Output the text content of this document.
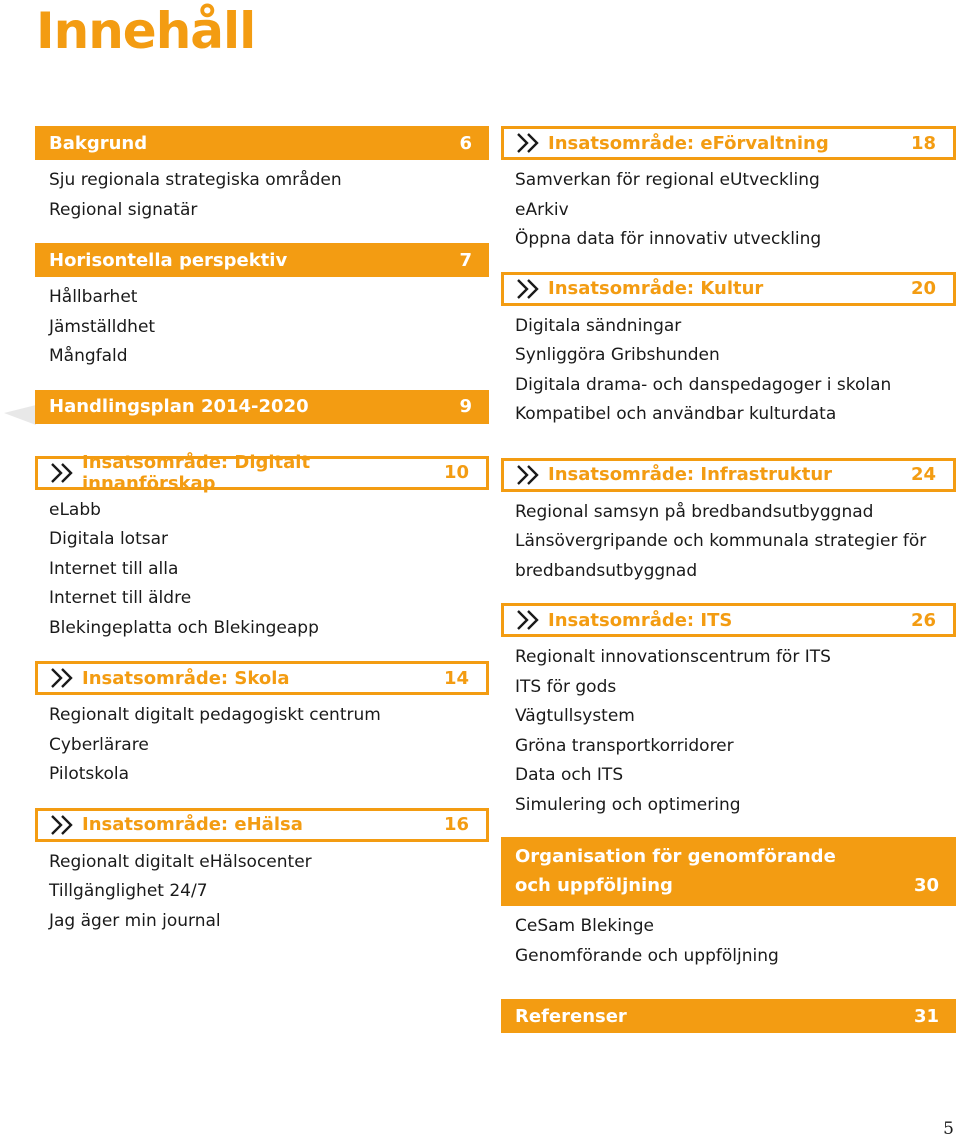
Innehåll
Bakgrund	6
Sju regionala strategiska områden
Regional signatär
Horisontella perspektiv	7
Hållbarhet
Jämställdhet
Mångfald
Handlingsplan 2014-2020	9
Insatsområde: Digitalt innanförskap	10
eLabb
Digitala lotsar
Internet till alla
Internet till äldre
Blekingeplatta och Blekingeapp
Insatsområde: Skola	14
Regionalt digitalt pedagogiskt centrum
Cyberlärare
Pilotskola
Insatsområde: eHälsa	16
Regionalt digitalt eHälsocenter
Tillgänglighet 24/7
Jag äger min journal
Insatsområde: eFörvaltning	18
Samverkan för regional eUtveckling
eArkiv
Öppna data för innovativ utveckling
Insatsområde: Kultur	20
Digitala sändningar
Synliggöra Gribshunden
Digitala drama- och danspedagoger i skolan
Kompatibel och användbar kulturdata
Insatsområde: Infrastruktur	24
Regional samsyn på bredbandsutbyggnad
Länsövergripande och kommunala strategier för
bredbandsutbyggnad
Insatsområde: ITS	26
Regionalt innovationscentrum för ITS
ITS för gods
Vägtullsystem
Gröna transportkorridorer
Data och ITS
Simulering och optimering
Organisation för genomförande
och uppföljning	30
CeSam Blekinge
Genomförande och uppföljning
Referenser	31
5
